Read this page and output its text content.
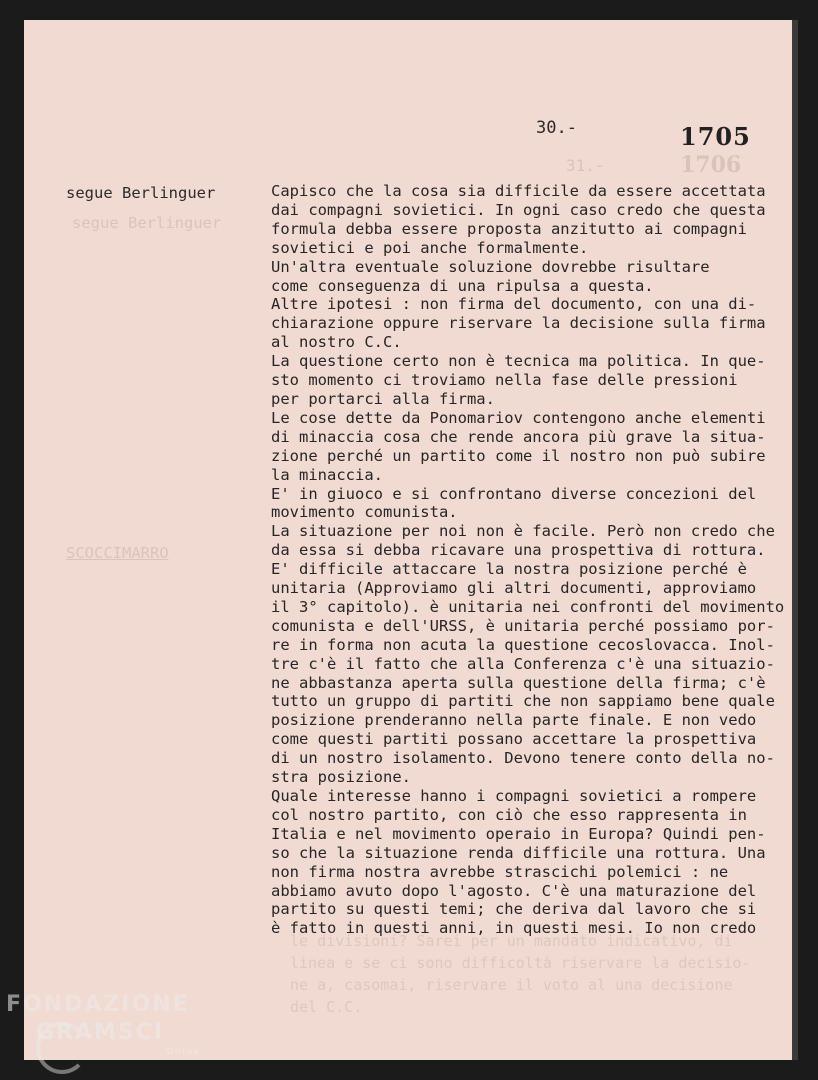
31.-	1706
segue Berlinguer
SCOCCIMARRO
le divisioni? Sarei per un mandato indicativo, di
linea e se ci sono difficoltà riservare la decisio-
ne a, casomai, riservare il voto al una decisione
del C.C.
30.-	1705
segue Berlinguer	Capisco che la cosa sia difficile da essere accettata
dai compagni sovietici. In ogni caso credo che questa
formula debba essere proposta anzitutto ai compagni
sovietici e poi anche formalmente.
Un'altra eventuale soluzione dovrebbe risultare
come conseguenza di una ripulsa a questa.
Altre ipotesi : non firma del documento, con una di-
chiarazione oppure riservare la decisione sulla firma
al nostro C.C.
La questione certo non è tecnica ma politica. In que-
sto momento ci troviamo nella fase delle pressioni
per portarci alla firma.
Le cose dette da Ponomariov contengono anche elementi
di minaccia cosa che rende ancora più grave la situa-
zione perché un partito come il nostro non può subire
la minaccia.
E' in giuoco e si confrontano diverse concezioni del
movimento comunista.
La situazione per noi non è facile. Però non credo che
da essa si debba ricavare una prospettiva di rottura.
E' difficile attaccare la nostra posizione perché è
unitaria (Approviamo gli altri documenti, approviamo
il 3° capitolo). è unitaria nei confronti del movimento
comunista e dell'URSS, è unitaria perché possiamo por-
re in forma non acuta la questione cecoslovacca. Inol-
tre c'è il fatto che alla Conferenza c'è una situazio-
ne abbastanza aperta sulla questione della firma; c'è
tutto un gruppo di partiti che non sappiamo bene quale
posizione prenderanno nella parte finale. E non vedo
come questi partiti possano accettare la prospettiva
di un nostro isolamento. Devono tenere conto della no-
stra posizione.
Quale interesse hanno i compagni sovietici a rompere
col nostro partito, con ciò che esso rappresenta in
Italia e nel movimento operaio in Europa? Quindi pen-
so che la situazione renda difficile una rottura. Una
non firma nostra avrebbe strascichi polemici : ne
abbiamo avuto dopo l'agosto. C'è una maturazione del
partito su questi temi; che deriva dal lavoro che si
è fatto in questi anni, in questi mesi. Io non credo
FONDAZIONE
GRAMSCI
Onlus
